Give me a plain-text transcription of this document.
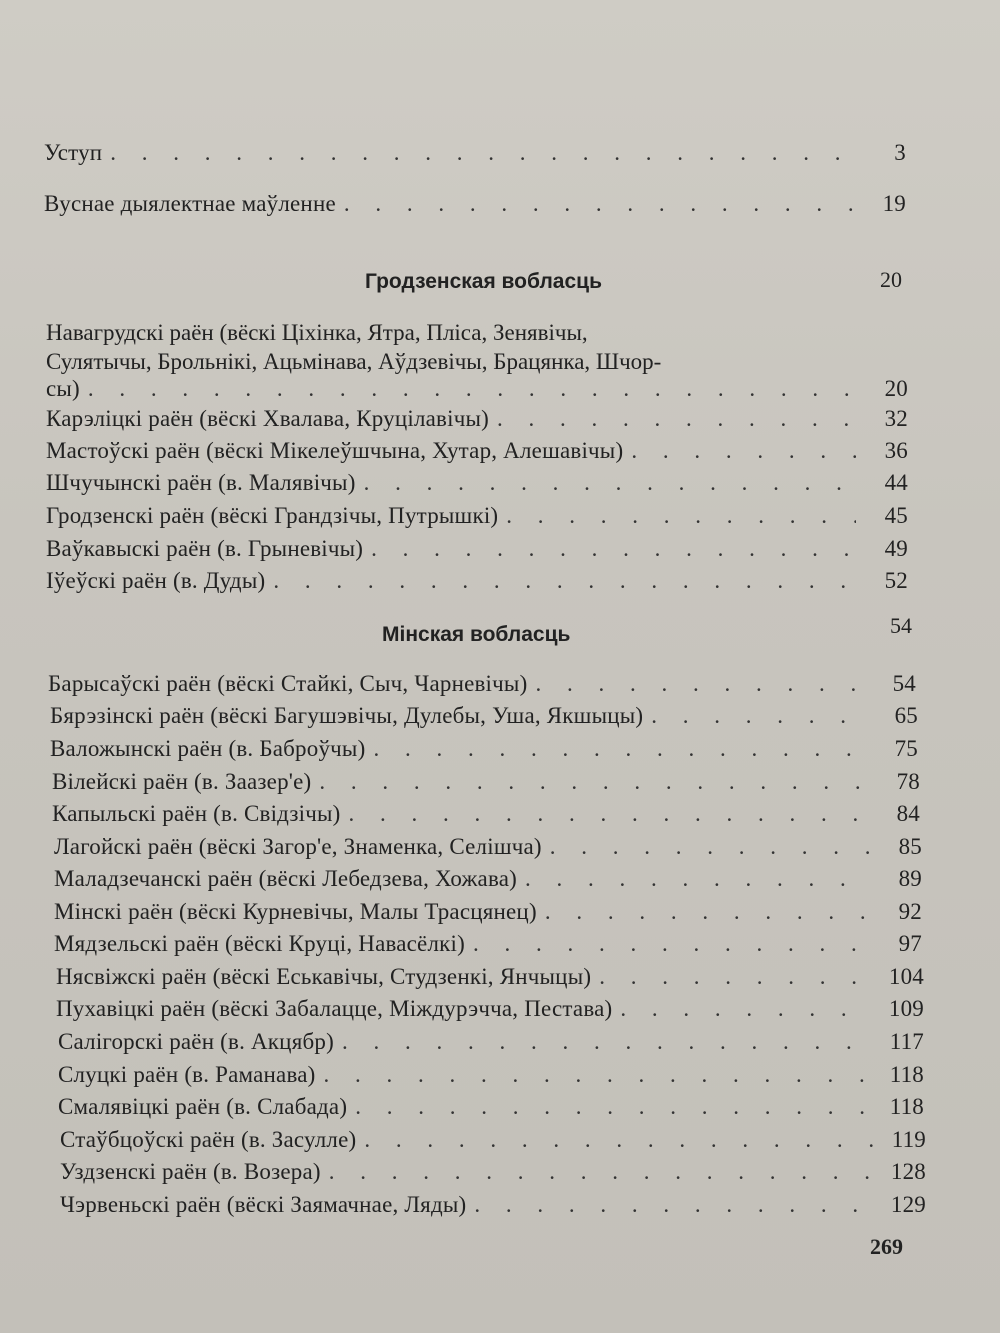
Уступ . . .	3
Вуснае дыялектнае маўленне . . .	19
Гродзенская вобласць	20
Навагрудскі раён (вёскі Ціхінка, Ятра, Пліса, Зенявічы,
Сулятычы, Брольнікі, Ацьмінава, Аўдзевічы, Брацянка, Шчор-
сы) . . .	20
Карэліцкі раён (вёскі Хвалава, Круцілавічы) . . .	32
Мастоўскі раён (вёскі Мікелеўшчына, Хутар, Алешавічы) . . .	36
Шчучынскі раён (в. Малявічы) . . .	44
Гродзенскі раён (вёскі Грандзічы, Путрышкі) . . .	45
Ваўкавыскі раён (в. Грыневічы) . . .	49
Іўеўскі раён (в. Дуды) . . .	52
Мінская вобласць	54
Барысаўскі раён (вёскі Стайкі, Сыч, Чарневічы) . . .	54
Бярэзінскі раён (вёскі Багушэвічы, Дулебы, Уша, Якшыцы) . . .	65
Валожынскі раён (в. Баброўчы) . . .	75
Вілейскі раён (в. Заазер'е) . . .	78
Капыльскі раён (в. Свідзічы) . . .	84
Лагойскі раён (вёскі Загор'е, Знаменка, Селішча) . . .	85
Маладзечанскі раён (вёскі Лебедзева, Хожава) . . .	89
Мінскі раён (вёскі Курневічы, Малы Трасцянец) . . .	92
Мядзельскі раён (вёскі Круці, Навасёлкі) . . .	97
Нясвіжскі раён (вёскі Еськавічы, Студзенкі, Янчыцы) . . .	104
Пухавіцкі раён (вёскі Забалацце, Міждурэчча, Пестава) . . .	109
Салігорскі раён (в. Акцябр) . . .	117
Слуцкі раён (в. Раманава) . . .	118
Смалявіцкі раён (в. Слабада) . . .	118
Стаўбцоўскі раён (в. Засулле) . . .	119
Уздзенскі раён (в. Возера) . . .	128
Чэрвеньскі раён (вёскі Заямачнае, Ляды) . . .	129
269
